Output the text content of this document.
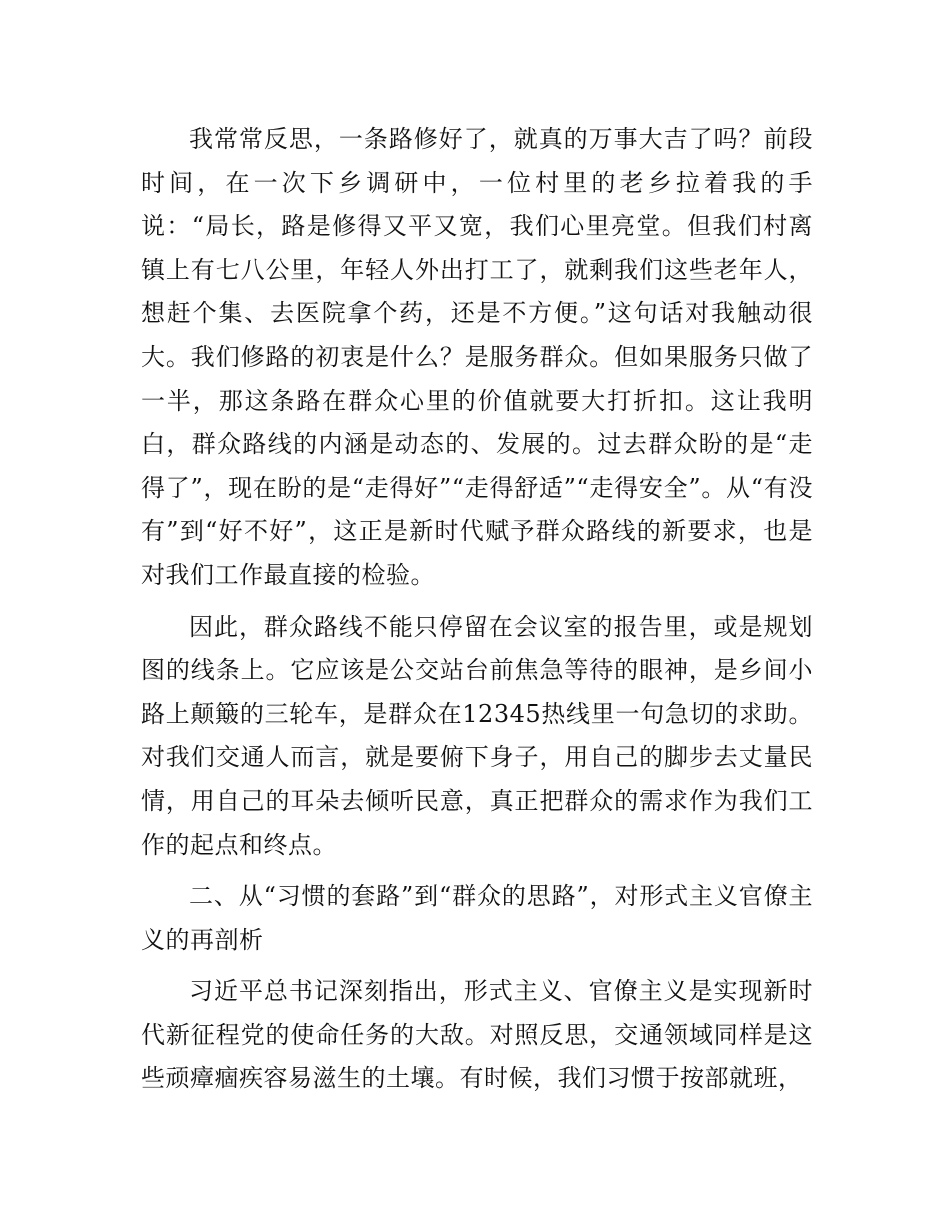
我常常反思，一条路修好了，就真的万事大吉了吗？前段时间，在一次下乡调研中，一位村里的老乡拉着我的手说：“局长，路是修得又平又宽，我们心里亮堂。但我们村离镇上有七八公里，年轻人外出打工了，就剩我们这些老年人，想赶个集、去医院拿个药，还是不方便。”这句话对我触动很大。我们修路的初衷是什么？是服务群众。但如果服务只做了一半，那这条路在群众心里的价值就要大打折扣。这让我明白，群众路线的内涵是动态的、发展的。过去群众盼的是“走得了”，现在盼的是“走得好”“走得舒适”“走得安全”。从“有没有”到“好不好”，这正是新时代赋予群众路线的新要求，也是对我们工作最直接的检验。

因此，群众路线不能只停留在会议室的报告里，或是规划图的线条上。它应该是公交站台前焦急等待的眼神，是乡间小路上颠簸的三轮车，是群众在12345热线里一句急切的求助。对我们交通人而言，就是要俯下身子，用自己的脚步去丈量民情，用自己的耳朵去倾听民意，真正把群众的需求作为我们工作的起点和终点。

二、从“习惯的套路”到“群众的思路”，对形式主义官僚主义的再剖析

习近平总书记深刻指出，形式主义、官僚主义是实现新时代新征程党的使命任务的大敌。对照反思，交通领域同样是这些顽瘴痼疾容易滋生的土壤。有时候，我们习惯于按部就班，
